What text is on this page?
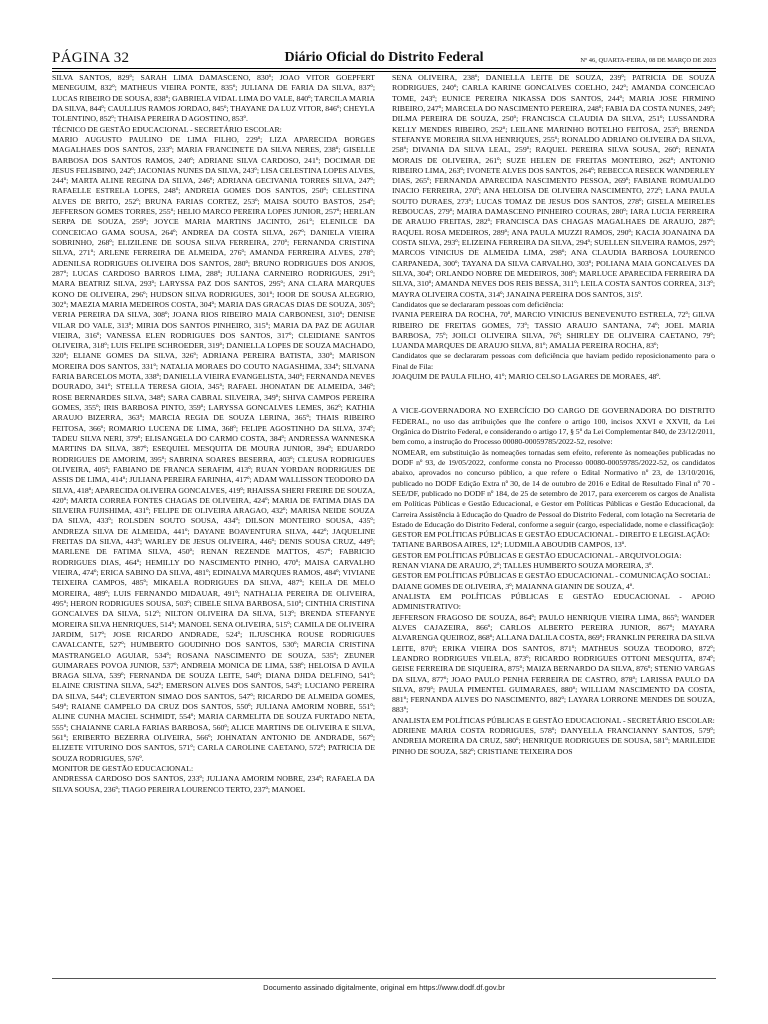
PÁGINA 32	Diário Oficial do Distrito Federal	Nº 46, QUARTA-FEIRA, 08 DE MARÇO DE 2023

SILVA SANTOS, 829º; SARAH LIMA DAMASCENO, 830º; JOAO VITOR GOEPFERT MENEGUIM, 832º; MATHEUS VIEIRA PONTE, 835º; JULIANA DE FARIA DA SILVA, 837º; LUCAS RIBEIRO DE SOUSA, 838º; GABRIELA VIDAL LIMA DO VALE, 840º; TARCILA MARIA DA SILVA, 844º; CAULLIUS RAMOS JORDAO, 845º; THAYANE DA LUZ VITOR, 846º; CHEYLA TOLENTINO, 852º; THAISA PEREIRA D AGOSTINO, 853º.

TÉCNICO DE GESTÃO EDUCACIONAL - SECRETÁRIO ESCOLAR:

MARIO AUGUSTO PAULINO DE LIMA FILHO, 229º; LIZA APARECIDA BORGES MAGALHAES DOS SANTOS, 233º; MARIA FRANCINETE DA SILVA NERES, 238º; GISELLE BARBOSA DOS SANTOS RAMOS, 240º; ADRIANE SILVA CARDOSO, 241º; DOCIMAR DE JESUS FELISBINO, 242º; JACONIAS NUNES DA SILVA, 243º; LISA CELESTINA LOPES ALVES, 244º; MARTA ALINE REGINA DA SILVA, 246º; ADRIANA GECIVANIA TORRES SILVA, 247º; RAFAELLE ESTRELA LOPES, 248º; ANDREIA GOMES DOS SANTOS, 250º; CELESTINA ALVES DE BRITO, 252º; BRUNA FARIAS CORTEZ, 253º; MAISA SOUTO BASTOS, 254º; JEFFERSON GOMES TORRES, 255º; HELIO MARCO PEREIRA LOPES JUNIOR, 257º; HERLAN SERPA DE SOUZA, 259º; JOYCE MARIA MARTINS JACINTO, 261º; ELENILCE DA CONCEICAO GAMA SOUSA, 264º; ANDREA DA COSTA SILVA, 267º; DANIELA VIEIRA SOBRINHO, 268º; ELIZILENE DE SOUSA SILVA FERREIRA, 270º; FERNANDA CRISTINA SILVA, 271º; ARLENE FERREIRA DE ALMEIDA, 276º; AMANDA FERREIRA ALVES, 278º; ADENILSA RODRIGUES OLIVEIRA DOS SANTOS, 280º; BRUNO RODRIGUES DOS ANJOS, 287º; LUCAS CARDOSO BARROS LIMA, 288º; JULIANA CARNEIRO RODRIGUES, 291º; MARA BEATRIZ SILVA, 293º; LARYSSA PAZ DOS SANTOS, 295º; ANA CLARA MARQUES KONO DE OLIVEIRA, 296º; HUDSON SILVA RODRIGUES, 301º; IOOR DE SOUSA ALEGRIO, 302º; MAEZIA MARIA MEDEIROS COSTA, 304º; MARIA DAS GRACAS DIAS DE SOUZA, 305º; VERIA PEREIRA DA SILVA, 308º; JOANA RIOS RIBEIRO MAIA CARBONESI, 310º; DENISE VILAR DO VALE, 313º; MIRIA DOS SANTOS PINHEIRO, 315º; MARIA DA PAZ DE AGUIAR VIEIRA, 316º; VANESSA ELEN RODRIGUES DOS SANTOS, 317º; CLEIDIANE SANTOS OLIVEIRA, 318º; LUIS FELIPE SCHROEDER, 319º; DANIELLA LOPES DE SOUZA MACHADO, 320º; ELIANE GOMES DA SILVA, 326º; ADRIANA PEREIRA BATISTA, 330º; MARISON MOREIRA DOS SANTOS, 331º; NATALIA MORAES DO COUTO NAGASHIMA, 334º; SILVANA FARIA BARCELOS MOTA, 338º; DANIELLA VIEIRA EVANGELISTA, 340º; FERNANDA NEVES DOURADO, 341º; STELLA TERESA GIOIA, 345º; RAFAEL JHONATAN DE ALMEIDA, 346º; ROSE BERNARDES SILVA, 348º; SARA CABRAL SILVEIRA, 349º; SHIVA CAMPOS PEREIRA GOMES, 355º; IRIS BARBOSA PINTO, 359º; LARYSSA GONCALVES LEMES, 362º; KATHIA ARAUJO BIZERRA, 363º; MARCIA REGIA DE SOUZA LERINA, 365º; THAIS RIBEIRO FEITOSA, 366º; ROMARIO LUCENA DE LIMA, 368º; FELIPE AGOSTINHO DA SILVA, 374º; TADEU SILVA NERI, 379º; ELISANGELA DO CARMO COSTA, 384º; ANDRESSA WANNESKA MARTINS DA SILVA, 387º; ESEQUIEL MESQUITA DE MOURA JUNIOR, 394º; EDUARDO RODRIGUES DE AMORIM, 395º; SABRINA SOARES BESERRA, 403º; CLEUSA RODRIGUES OLIVEIRA, 405º; FABIANO DE FRANCA SERAFIM, 413º; RUAN YORDAN RODRIGUES DE ASSIS DE LIMA, 414º; JULIANA PEREIRA FARINHA, 417º; ADAM WALLISSON TEODORO DA SILVA, 418º; APARECIDA OLIVEIRA GONCALVES, 419º; RHAISSA SHERI FREIRE DE SOUZA, 420º; MARTA CORREA FONTES CHAGAS DE OLIVEIRA, 424º; MARIA DE FATIMA DIAS DA SILVEIRA FUJISHIMA, 431º; FELIPE DE OLIVEIRA ARAGAO, 432º; MARISA NEIDE SOUZA DA SILVA, 433º; ROLSDEN SOUTO SOUSA, 434º; DILSON MONTEIRO SOUSA, 435º; ANDREZA SILVA DE ALMEIDA, 441º; DAYANE BOAVENTURA SILVA, 442º; JAQUELINE FREITAS DA SILVA, 443º; WARLEY DE JESUS OLIVEIRA, 446º; DENIS SOUSA CRUZ, 449º; MARLENE DE FATIMA SILVA, 450º; RENAN REZENDE MATTOS, 457º; FABRICIO RODRIGUES DIAS, 464º; HEMILLY DO NASCIMENTO PINHO, 470º; MAISA CARVALHO VIEIRA, 474º; ERICA SABINO DA SILVA, 481º; EDINALVA MARQUES RAMOS, 484º; VIVIANE TEIXEIRA CAMPOS, 485º; MIKAELA RODRIGUES DA SILVA, 487º; KEILA DE MELO MOREIRA, 489º; LUIS FERNANDO MIDAUAR, 491º; NATHALIA PEREIRA DE OLIVEIRA, 495º; HERON RODRIGUES SOUSA, 503º; CIBELE SILVA BARBOSA, 510º; CINTHIA CRISTINA GONCALVES DA SILVA, 512º; NILTON OLIVEIRA DA SILVA, 513º; BRENDA STEFANYE MOREIRA SILVA HENRIQUES, 514º; MANOEL SENA OLIVEIRA, 515º; CAMILA DE OLIVEIRA JARDIM, 517º; JOSE RICARDO ANDRADE, 524º; ILJUSCHKA ROUSE RODRIGUES CAVALCANTE, 527º; HUMBERTO GOUDINHO DOS SANTOS, 530º; MARCIA CRISTINA MASTRANGELO AGUIAR, 534º; ROSANA NASCIMENTO DE SOUZA, 535º; ZEUNER GUIMARAES POVOA JUNIOR, 537º; ANDREIA MONICA DE LIMA, 538º; HELOISA D AVILA BRAGA SILVA, 539º; FERNANDA DE SOUZA LEITE, 540º; DIANA DJIDA DELFINO, 541º; ELAINE CRISTINA SILVA, 542º; EMERSON ALVES DOS SANTOS, 543º; LUCIANO PEREIRA DA SILVA, 544º; CLEVERTON SIMAO DOS SANTOS, 547º; RICARDO DE ALMEIDA GOMES, 549º; RAIANE CAMPELO DA CRUZ DOS SANTOS, 550º; JULIANA AMORIM NOBRE, 551º; ALINE CUNHA MACIEL SCHMIDT, 554º; MARIA CARMELITA DE SOUZA FURTADO NETA, 555º; CHAIANNE CARLA FARIAS BARBOSA, 560º; ALICE MARTINS DE OLIVEIRA E SILVA, 561º; ERIBERTO BEZERRA OLIVEIRA, 566º; JOHNATAN ANTONIO DE ANDRADE, 567º; ELIZETE VITURINO DOS SANTOS, 571º; CARLA CAROLINE CAETANO, 572º; PATRICIA DE SOUZA RODRIGUES, 576º.

MONITOR DE GESTÃO EDUCACIONAL:

ANDRESSA CARDOSO DOS SANTOS, 233º; JULIANA AMORIM NOBRE, 234º; RAFAELA DA SILVA SOUSA, 236º; TIAGO PEREIRA LOURENCO TERTO, 237º; MANOEL

SENA OLIVEIRA, 238º; DANIELLA LEITE DE SOUZA, 239º; PATRICIA DE SOUZA RODRIGUES, 240º; CARLA KARINE GONCALVES COELHO, 242º; AMANDA CONCEICAO TOME, 243º; EUNICE PEREIRA NIKASSA DOS SANTOS, 244º; MARIA JOSE FIRMINO RIBEIRO, 247º; MARCELA DO NASCIMENTO PEREIRA, 248º; FABIA DA COSTA NUNES, 249º; DILMA PEREIRA DE SOUZA, 250º; FRANCISCA CLAUDIA DA SILVA, 251º; LUSSANDRA KELLY MENDES RIBEIRO, 252º; LEILANE MARINHO BOTELHO FEITOSA, 253º; BRENDA STEFANYE MOREIRA SILVA HENRIQUES, 255º; RONALDO ADRIANO OLIVEIRA DA SILVA, 258º; DIVANIA DA SILVA LEAL, 259º; RAQUEL PEREIRA SILVA SOUSA, 260º; RENATA MORAIS DE OLIVEIRA, 261º; SUZE HELEN DE FREITAS MONTEIRO, 262º; ANTONIO RIBEIRO LIMA, 263º; IVONETE ALVES DOS SANTOS, 264º; REBECCA RESECK WANDERLEY DIAS, 265º; FERNANDA APARECIDA NASCIMENTO PESSOA, 269º; FABIANE ROMUALDO INACIO FERREIRA, 270º; ANA HELOISA DE OLIVEIRA NASCIMENTO, 272º; LANA PAULA SOUTO DURAES, 273º; LUCAS TOMAZ DE JESUS DOS SANTOS, 278º; GISELA MEIRELES REBOUCAS, 279º; MAIRA DAMASCENO PINHEIRO COURAS, 280º; IARA LUCIA FERREIRA DE ARAUJO FREITAS, 282º; FRANCISCA DAS CHAGAS MAGALHAES DE ARAUJO, 287º; RAQUEL ROSA MEDEIROS, 289º; ANA PAULA MUZZI RAMOS, 290º; KACIA JOANAINA DA COSTA SILVA, 293º; ELIZEINA FERREIRA DA SILVA, 294º; SUELLEN SILVEIRA RAMOS, 297º; MARCOS VINICIUS DE ALMEIDA LIMA, 298º; ANA CLAUDIA BARBOSA LOURENCO CARPANEDA, 300º; TAYANA DA SILVA CARVALHO, 303º; POLIANA MAIA GONCALVES DA SILVA, 304º; ORLANDO NOBRE DE MEDEIROS, 308º; MARLUCE APARECIDA FERREIRA DA SILVA, 310º; AMANDA NEVES DOS REIS BESSA, 311º; LEILA COSTA SANTOS CORREA, 313º; MAYRA OLIVEIRA COSTA, 314º; JANAINA PEREIRA DOS SANTOS, 315º.

Candidatos que se declararam pessoas com deficiência:

IVANIA PEREIRA DA ROCHA, 70º, MARCIO VINICIUS BENEVENUTO ESTRELA, 72º; GILVA RIBEIRO DE FREITAS GOMES, 73º; TASSIO ARAUJO SANTANA, 74º; JOEL MARIA BARBOSA, 75º; JOILCI OLIVEIRA SILVA, 76º; SHIRLEY DE OLIVEIRA CAETANO, 79º; LUANDA MARQUES DE ARAUJO SILVA, 81º; AMALIA PEREIRA ROCHA, 83º;

Candidatos que se declararam pessoas com deficiência que haviam pedido reposicionamento para o Final de Fila:

JOAQUIM DE PAULA FILHO, 41º; MARIO CELSO LAGARES DE MORAES, 48º.

A VICE-GOVERNADORA NO EXERCÍCIO DO CARGO DE GOVERNADORA DO DISTRITO FEDERAL, no uso das atribuições que lhe confere o artigo 100, incisos XXVI e XXVII, da Lei Orgânica do Distrito Federal, e considerando o artigo 17, § 5º da Lei Complementar 840, de 23/12/2011, bem como, a instrução do Processo 00080-00059785/2022-52, resolve:

NOMEAR, em substituição às nomeações tornadas sem efeito, referente às nomeações publicadas no DODF nº 93, de 19/05/2022, conforme consta no Processo 00080-00059785/2022-52, os candidatos abaixo, aprovados no concurso público, a que refere o Edital Normativo nº 23, de 13/10/2016, publicado no DODF Edição Extra nº 30, de 14 de outubro de 2016 e Edital de Resultado Final nº 70 - SEE/DF, publicado no DODF nº 184, de 25 de setembro de 2017, para exercerem os cargos de Analista em Políticas Públicas e Gestão Educacional, e Gestor em Políticas Públicas e Gestão Educacional, da Carreira Assistência à Educação do Quadro de Pessoal do Distrito Federal, com lotação na Secretaria de Estado de Educação do Distrito Federal, conforme a seguir (cargo, especialidade, nome e classificação):

GESTOR EM POLÍTICAS PÚBLICAS E GESTÃO EDUCACIONAL - DIREITO E LEGISLAÇÃO:

TATIANE BARBOSA AIRES, 12º; LUDMILA ABOUDIB CAMPOS, 13º.

GESTOR EM POLÍTICAS PÚBLICAS E GESTÃO EDUCACIONAL - ARQUIVOLOGIA:

RENAN VIANA DE ARAUJO, 2º; TALLES HUMBERTO SOUZA MOREIRA, 3º.

GESTOR EM POLÍTICAS PÚBLICAS E GESTÃO EDUCACIONAL - COMUNICAÇÃO SOCIAL:

DAIANE GOMES DE OLIVEIRA, 3º; MAIANNA GIANIN DE SOUZA, 4º.

ANALISTA EM POLÍTICAS PÚBLICAS E GESTÃO EDUCACIONAL - APOIO ADMINISTRATIVO:

JEFFERSON FRAGOSO DE SOUZA, 864º; PAULO HENRIQUE VIEIRA LIMA, 865º; WANDER ALVES CAJAZEIRA, 866º; CARLOS ALBERTO PEREIRA JUNIOR, 867º; MAYARA ALVARENGA QUEIROZ, 868º; ALLANA DALILA COSTA, 869º; FRANKLIN PEREIRA DA SILVA LEITE, 870º; ERIKA VIEIRA DOS SANTOS, 871º; MATHEUS SOUZA TEODORO, 872º; LEANDRO RODRIGUES VILELA, 873º; RICARDO RODRIGUES OTTONI MESQUITA, 874º; GEISE FERREIRA DE SIQUEIRA, 875º; MAIZA BERNARDO DA SILVA, 876º; STENIO VARGAS DA SILVA, 877º; JOAO PAULO PENHA FERREIRA DE CASTRO, 878º; LARISSA PAULO DA SILVA, 879º; PAULA PIMENTEL GUIMARAES, 880º; WILLIAM NASCIMENTO DA COSTA, 881º; FERNANDA ALVES DO NASCIMENTO, 882º; LAYARA LORRONE MENDES DE SOUZA, 883º;

ANALISTA EM POLÍTICAS PÚBLICAS E GESTÃO EDUCACIONAL - SECRETÁRIO ESCOLAR:

ADRIENE MARIA COSTA RODRIGUES, 578º; DANYELLA FRANCIANNY SANTOS, 579º; ANDREIA MOREIRA DA CRUZ, 580º; HENRIQUE RODRIGUES DE SOUSA, 581º; MARILEIDE PINHO DE SOUZA, 582º; CRISTIANE TEIXEIRA DOS

Documento assinado digitalmente, original em https://www.dodf.df.gov.br
